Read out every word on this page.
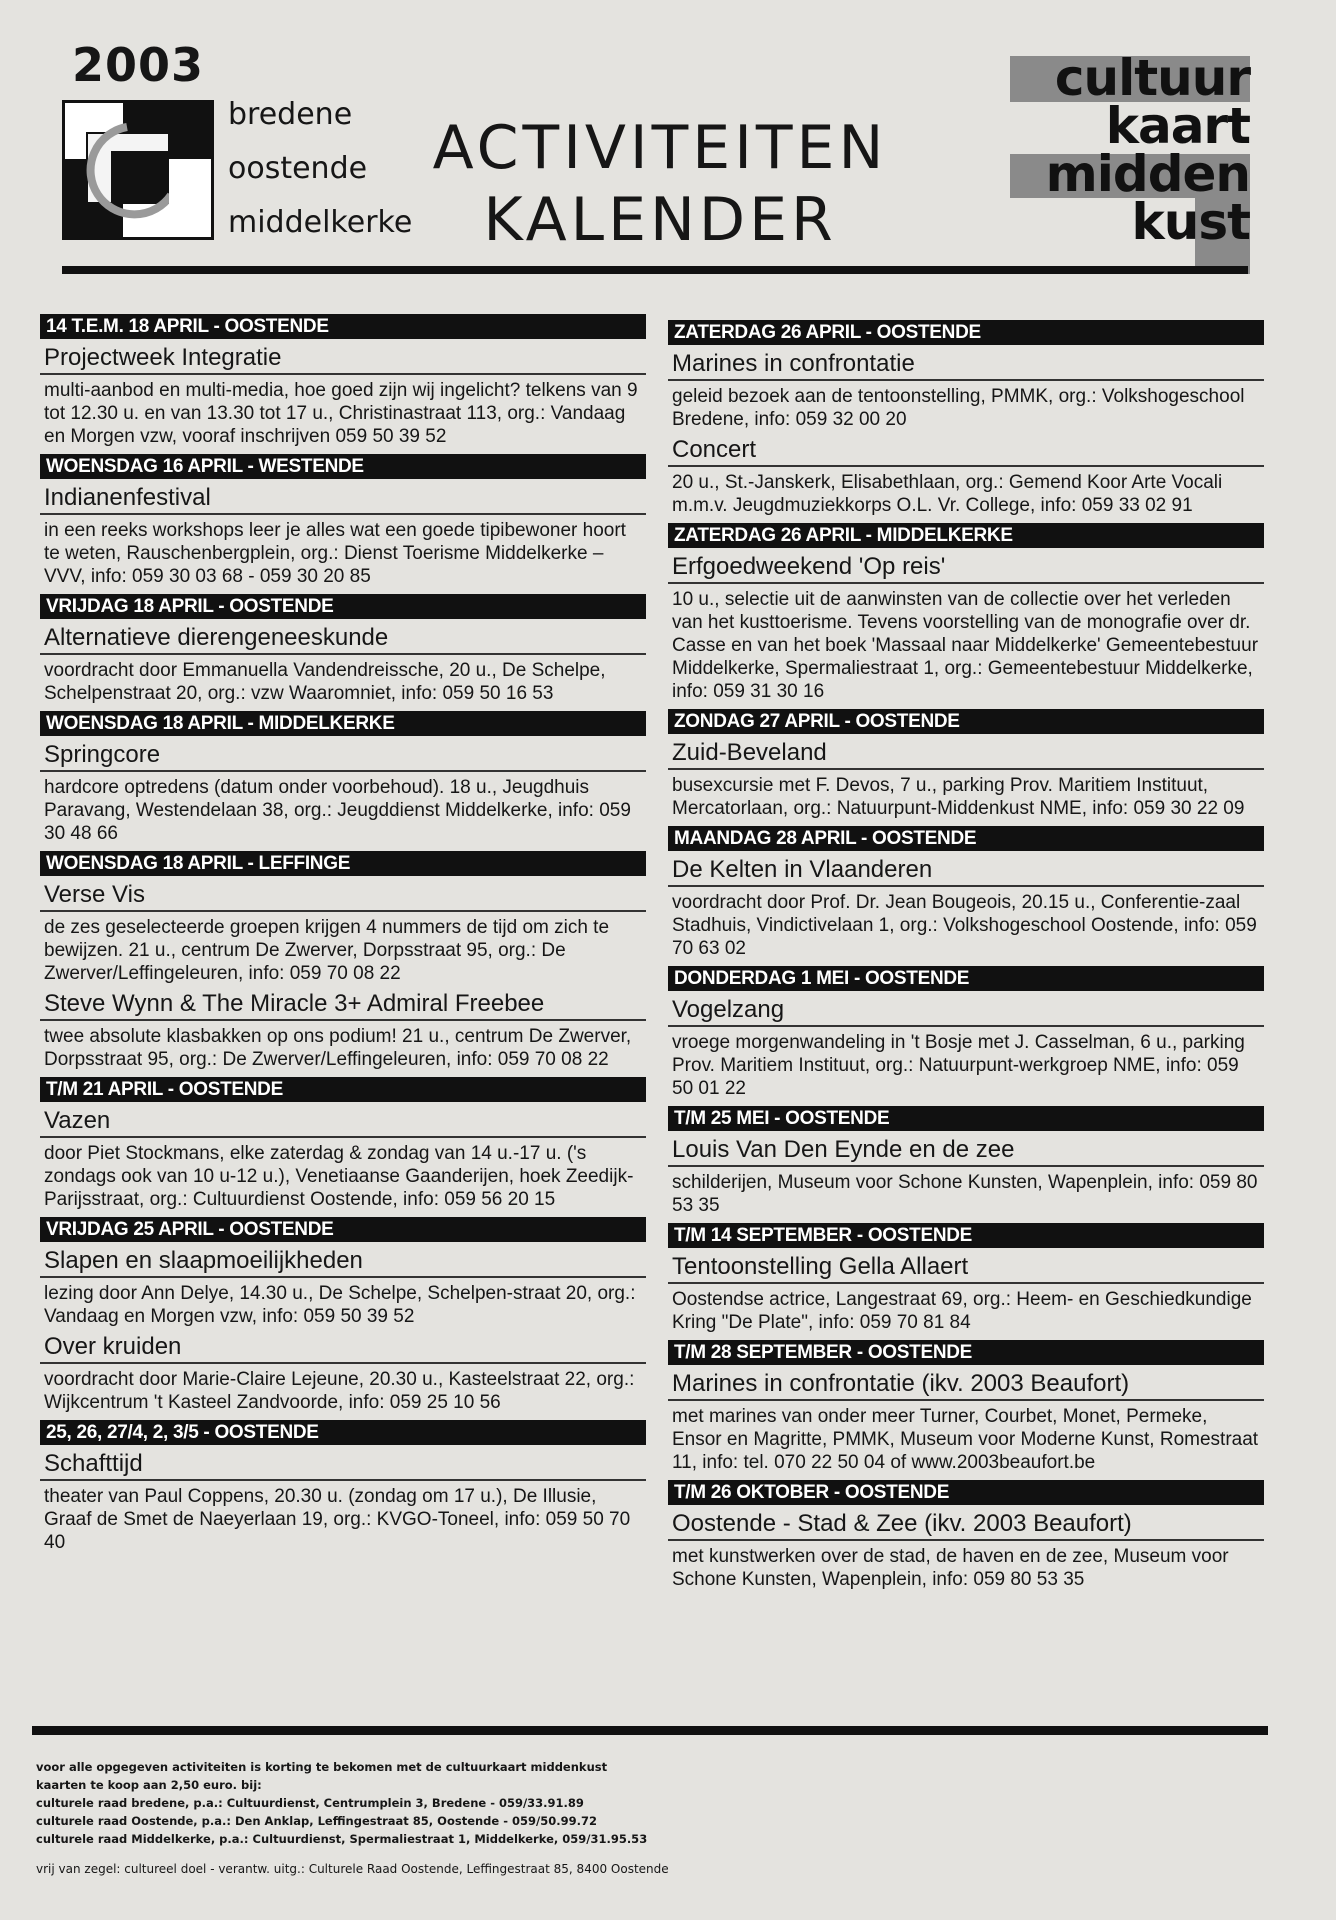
2003
bredene
oostende
middelkerke
ACTIVITEITEN
KALENDER
cultuur
kaart
midden
kust
14 T.E.M. 18 APRIL - OOSTENDE
Projectweek Integratie
multi-aanbod en multi-media, hoe goed zijn wij ingelicht? telkens van 9 tot 12.30 u. en van 13.30 tot 17 u., Christinastraat 113, org.: Vandaag en Morgen vzw, vooraf inschrijven 059 50 39 52
WOENSDAG 16 APRIL - WESTENDE
Indianenfestival
in een reeks workshops leer je alles wat een goede tipibewoner hoort te weten, Rauschenbergplein, org.: Dienst Toerisme Middelkerke – VVV, info: 059 30 03 68 - 059 30 20 85
VRIJDAG 18 APRIL - OOSTENDE
Alternatieve dierengeneeskunde
voordracht door Emmanuella Vandendreissche, 20 u., De Schelpe, Schelpenstraat 20, org.: vzw Waaromniet, info: 059 50 16 53
WOENSDAG 18 APRIL - MIDDELKERKE
Springcore
hardcore optredens (datum onder voorbehoud). 18 u., Jeugdhuis Paravang, Westendelaan 38, org.: Jeugddienst Middelkerke, info: 059 30 48 66
WOENSDAG 18 APRIL - LEFFINGE
Verse Vis
de zes geselecteerde groepen krijgen 4 nummers de tijd om zich te bewijzen. 21 u., centrum De Zwerver, Dorpsstraat 95, org.: De Zwerver/Leffingeleuren, info: 059 70 08 22
Steve Wynn & The Miracle 3+ Admiral Freebee
twee absolute klasbakken op ons podium! 21 u., centrum De Zwerver, Dorpsstraat 95, org.: De Zwerver/Leffingeleuren, info: 059 70 08 22
T/M 21 APRIL - OOSTENDE
Vazen
door Piet Stockmans, elke zaterdag & zondag van 14 u.-17 u. ('s zondags ook van 10 u-12 u.), Venetiaanse Gaanderijen, hoek Zeedijk-Parijsstraat, org.: Cultuurdienst Oostende, info: 059 56 20 15
VRIJDAG 25 APRIL - OOSTENDE
Slapen en slaapmoeilijkheden
lezing door Ann Delye, 14.30 u., De Schelpe, Schelpen-straat 20, org.: Vandaag en Morgen vzw, info: 059 50 39 52
Over kruiden
voordracht door Marie-Claire Lejeune, 20.30 u., Kasteelstraat 22, org.: Wijkcentrum 't Kasteel Zandvoorde, info: 059 25 10 56
25, 26, 27/4, 2, 3/5 - OOSTENDE
Schafttijd
theater van Paul Coppens, 20.30 u. (zondag om 17 u.), De Illusie, Graaf de Smet de Naeyerlaan 19, org.: KVGO-Toneel, info: 059 50 70 40
ZATERDAG 26 APRIL - OOSTENDE
Marines in confrontatie
geleid bezoek aan de tentoonstelling, PMMK, org.: Volkshogeschool Bredene, info: 059 32 00 20
Concert
20 u., St.-Janskerk, Elisabethlaan, org.: Gemend Koor Arte Vocali m.m.v. Jeugdmuziekkorps O.L. Vr. College, info: 059 33 02 91
ZATERDAG 26 APRIL - MIDDELKERKE
Erfgoedweekend 'Op reis'
10 u., selectie uit de aanwinsten van de collectie over het verleden van het kusttoerisme. Tevens voorstelling van de monografie over dr. Casse en van het boek 'Massaal naar Middelkerke' Gemeentebestuur Middelkerke, Spermaliestraat 1, org.: Gemeentebestuur Middelkerke, info: 059 31 30 16
ZONDAG 27 APRIL - OOSTENDE
Zuid-Beveland
busexcursie met F. Devos, 7 u., parking Prov. Maritiem Instituut, Mercatorlaan, org.: Natuurpunt-Middenkust NME, info: 059 30 22 09
MAANDAG 28 APRIL - OOSTENDE
De Kelten in Vlaanderen
voordracht door Prof. Dr. Jean Bougeois, 20.15 u., Conferentie-zaal Stadhuis, Vindictivelaan 1, org.: Volkshogeschool Oostende, info: 059 70 63 02
DONDERDAG 1 MEI - OOSTENDE
Vogelzang
vroege morgenwandeling in 't Bosje met J. Casselman, 6 u., parking Prov. Maritiem Instituut, org.: Natuurpunt-werkgroep NME, info: 059 50 01 22
T/M 25 MEI - OOSTENDE
Louis Van Den Eynde en de zee
schilderijen, Museum voor Schone Kunsten, Wapenplein, info: 059 80 53 35
T/M 14 SEPTEMBER - OOSTENDE
Tentoonstelling Gella Allaert
Oostendse actrice, Langestraat 69, org.: Heem- en Geschiedkundige Kring "De Plate", info: 059 70 81 84
T/M 28 SEPTEMBER - OOSTENDE
Marines in confrontatie (ikv. 2003 Beaufort)
met marines van onder meer Turner, Courbet, Monet, Permeke, Ensor en Magritte, PMMK, Museum voor Moderne Kunst, Romestraat 11, info: tel. 070 22 50 04 of www.2003beaufort.be
T/M 26 OKTOBER - OOSTENDE
Oostende - Stad & Zee (ikv. 2003 Beaufort)
met kunstwerken over de stad, de haven en de zee, Museum voor Schone Kunsten, Wapenplein, info: 059 80 53 35
voor alle opgegeven activiteiten is korting te bekomen met de cultuurkaart middenkust
kaarten te koop aan 2,50 euro. bij:
culturele raad bredene, p.a.: Cultuurdienst, Centrumplein 3, Bredene - 059/33.91.89
culturele raad Oostende, p.a.: Den Anklap, Leffingestraat 85, Oostende - 059/50.99.72
culturele raad Middelkerke, p.a.: Cultuurdienst, Spermaliestraat 1, Middelkerke, 059/31.95.53
vrij van zegel: cultureel doel - verantw. uitg.: Culturele Raad Oostende, Leffingestraat 85, 8400 Oostende
